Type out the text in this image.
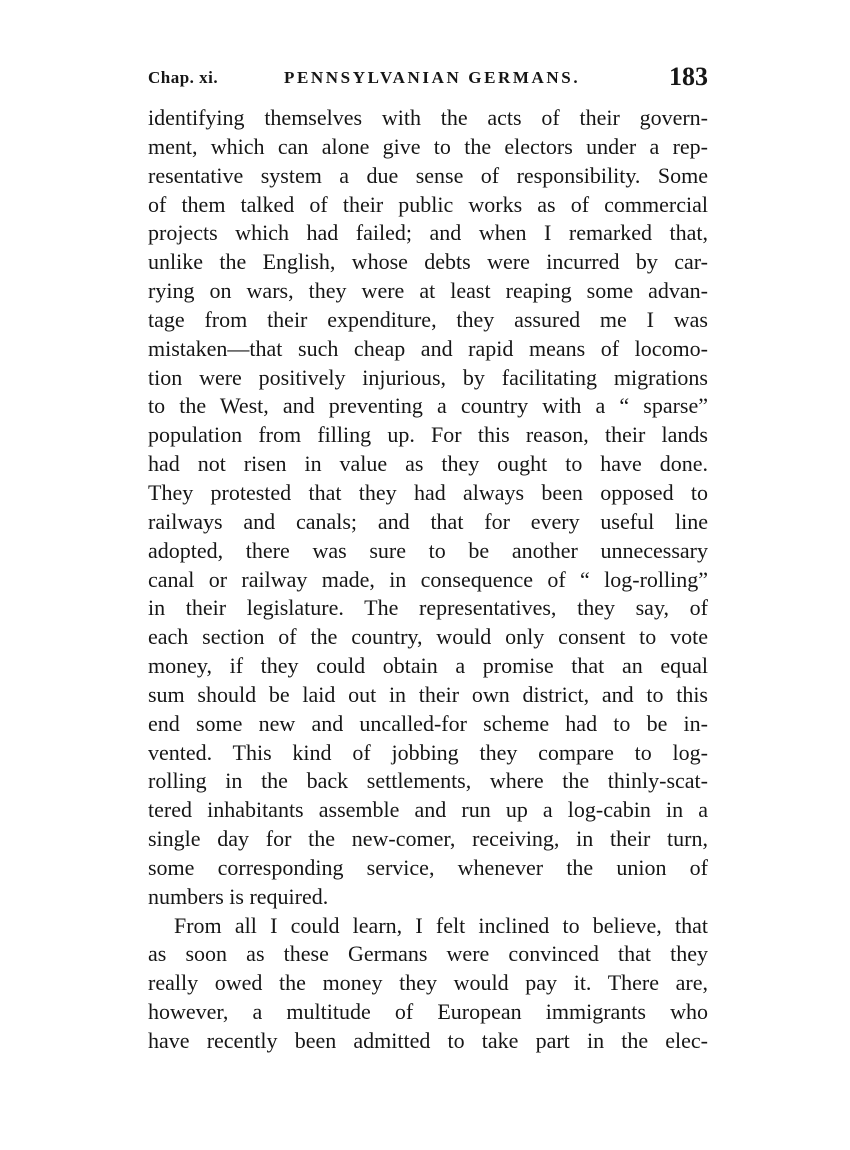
Chap. xi.	PENNSYLVANIAN GERMANS.	183
identifying themselves with the acts of their govern-
ment, which can alone give to the electors under a rep-
resentative system a due sense of responsibility. Some
of them talked of their public works as of commercial
projects which had failed; and when I remarked that,
unlike the English, whose debts were incurred by car-
rying on wars, they were at least reaping some advan-
tage from their expenditure, they assured me I was
mistaken—that such cheap and rapid means of locomo-
tion were positively injurious, by facilitating migrations
to the West, and preventing a country with a “ sparse”
population from filling up. For this reason, their lands
had not risen in value as they ought to have done.
They protested that they had always been opposed to
railways and canals; and that for every useful line
adopted, there was sure to be another unnecessary
canal or railway made, in consequence of “ log-rolling”
in their legislature. The representatives, they say, of
each section of the country, would only consent to vote
money, if they could obtain a promise that an equal
sum should be laid out in their own district, and to this
end some new and uncalled-for scheme had to be in-
vented. This kind of jobbing they compare to log-
rolling in the back settlements, where the thinly-scat-
tered inhabitants assemble and run up a log-cabin in a
single day for the new-comer, receiving, in their turn,
some corresponding service, whenever the union of
numbers is required.
From all I could learn, I felt inclined to believe, that
as soon as these Germans were convinced that they
really owed the money they would pay it. There are,
however, a multitude of European immigrants who
have recently been admitted to take part in the elec-
